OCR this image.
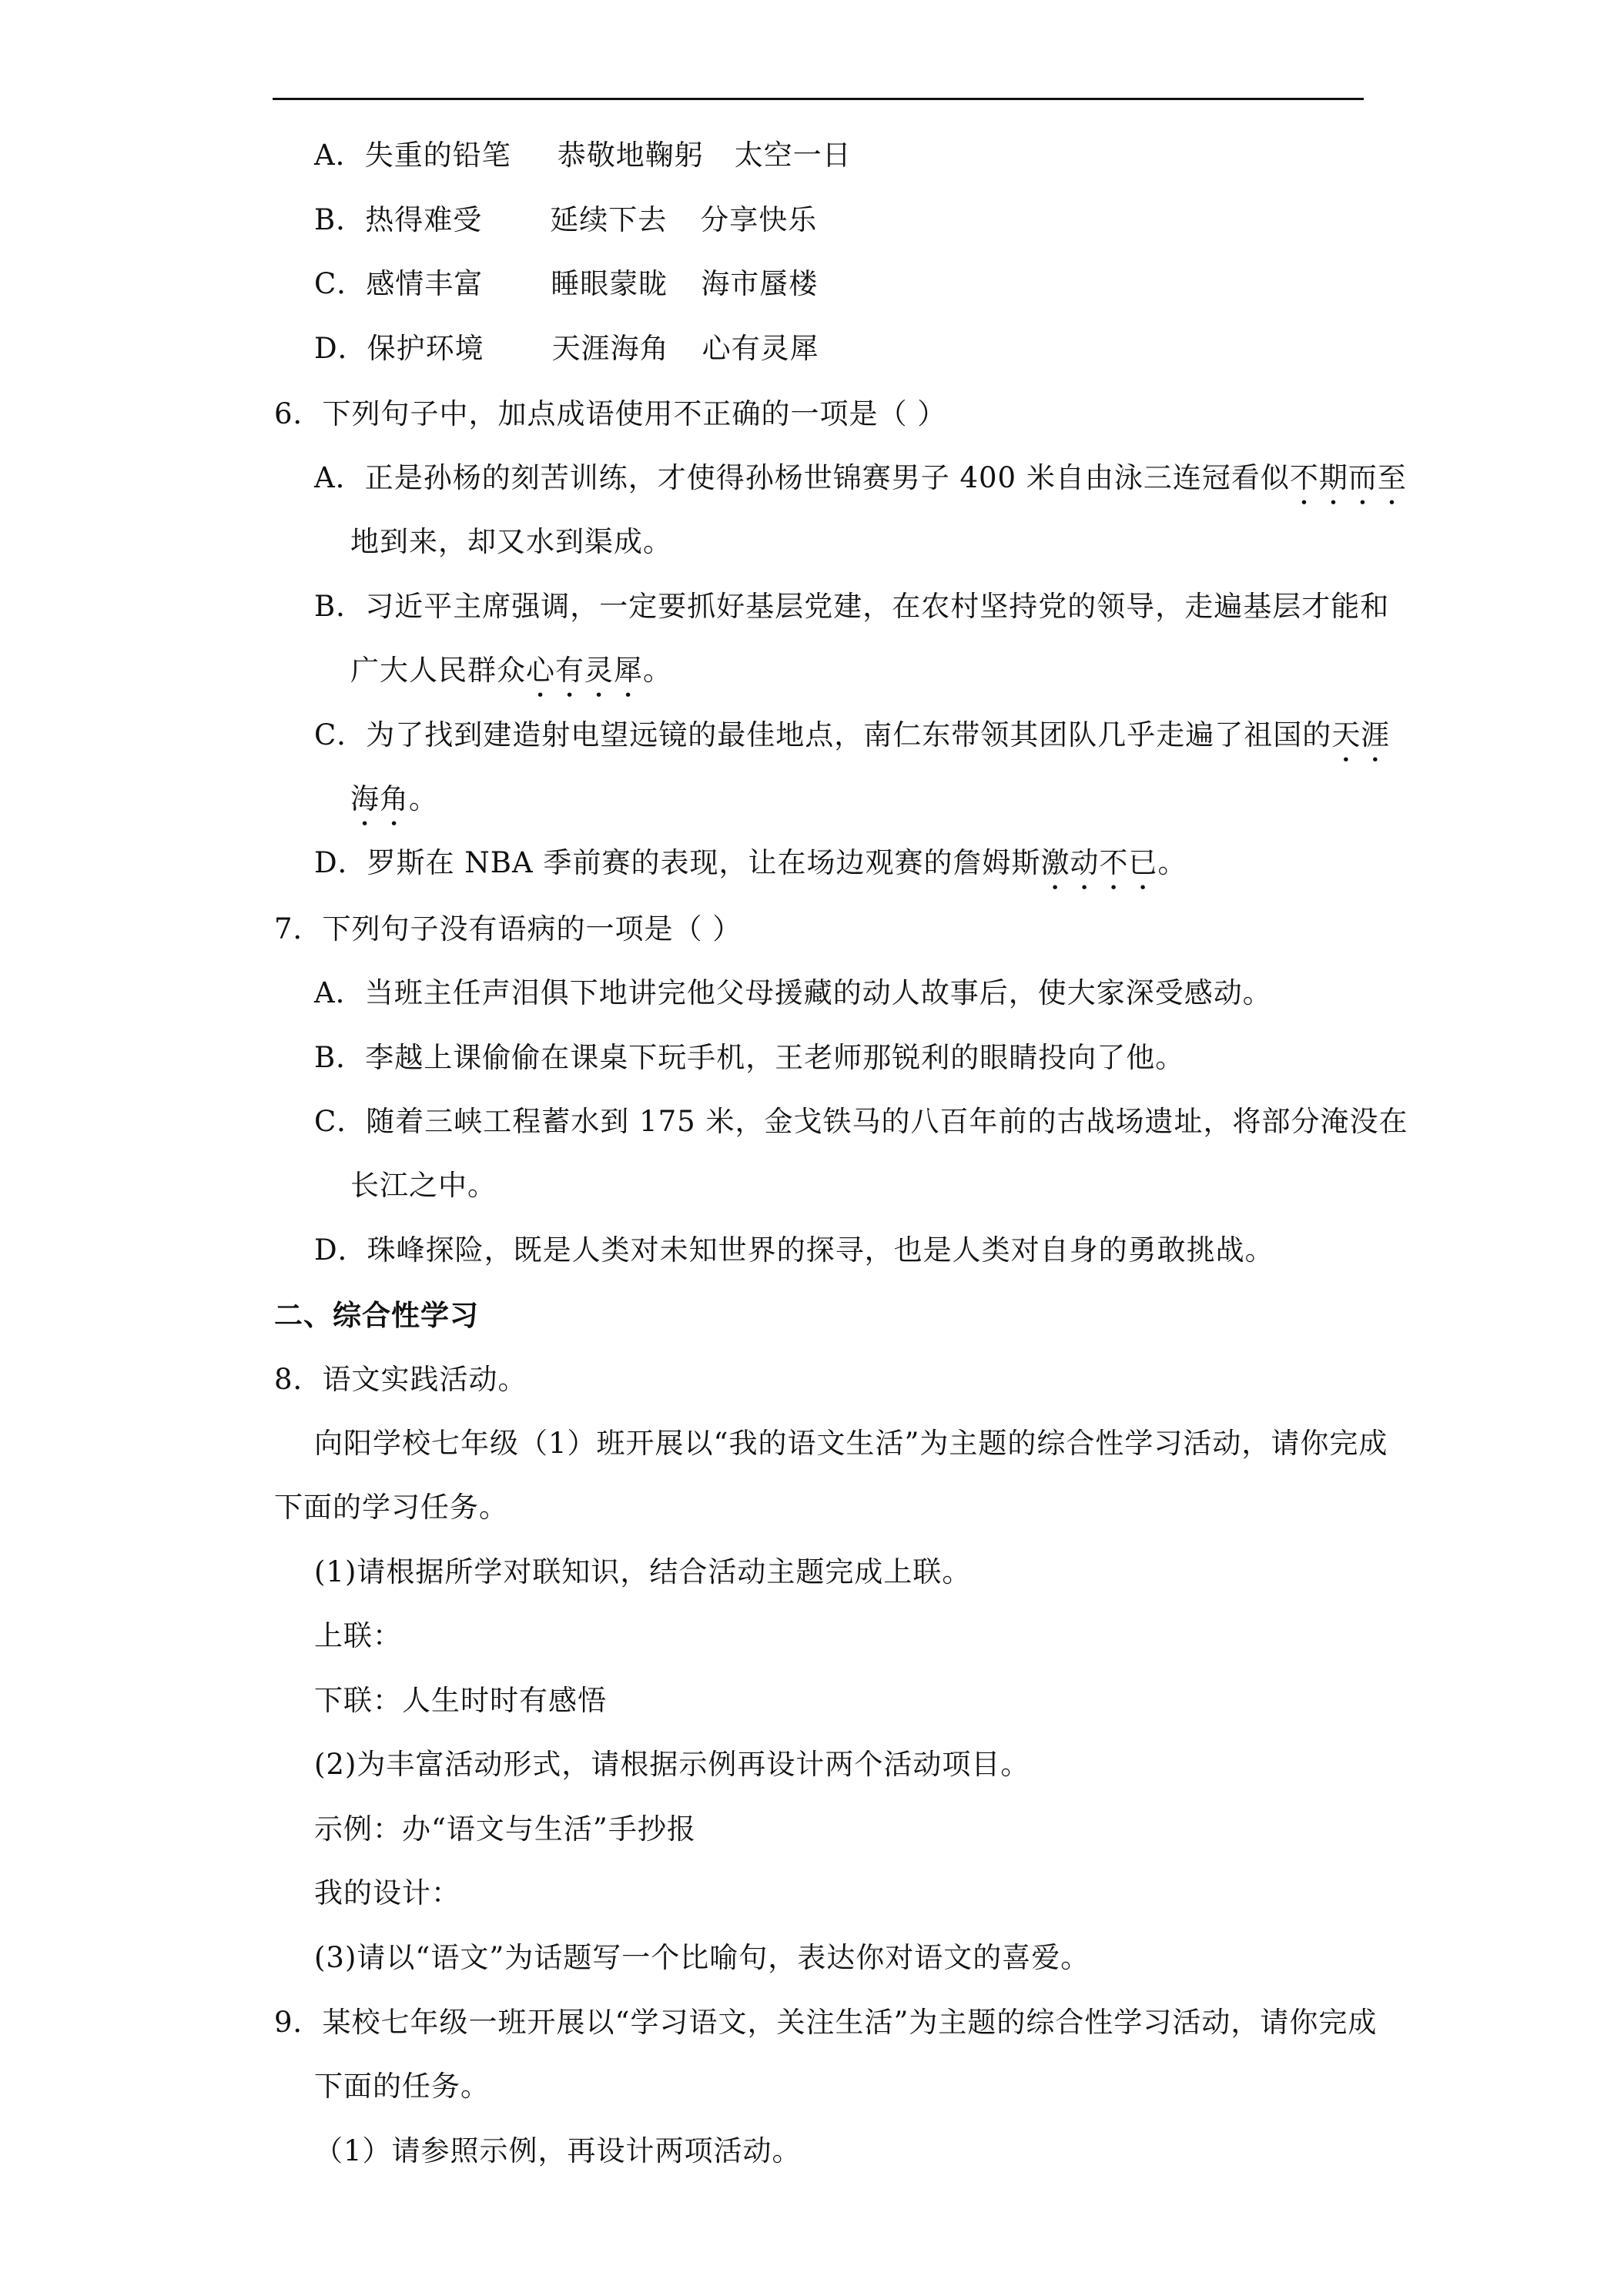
A．失重的铅笔 恭敬地鞠躬 太空一日
B．热得难受 延续下去 分享快乐
C．感情丰富 睡眼蒙眬 海市蜃楼
D．保护环境 天涯海角 心有灵犀
6．下列句子中，加点成语使用不正确的一项是（ ）
A．正是孙杨的刻苦训练，才使得孙杨世锦赛男子 400 米自由泳三连冠看似不期而至
地到来，却又水到渠成。
B．习近平主席强调，一定要抓好基层党建，在农村坚持党的领导，走遍基层才能和
广大人民群众心有灵犀。
C．为了找到建造射电望远镜的最佳地点，南仁东带领其团队几乎走遍了祖国的天涯
海角。
D．罗斯在 NBA 季前赛的表现，让在场边观赛的詹姆斯激动不已。
7．下列句子没有语病的一项是（ ）
A．当班主任声泪俱下地讲完他父母援藏的动人故事后，使大家深受感动。
B．李越上课偷偷在课桌下玩手机，王老师那锐利的眼睛投向了他。
C．随着三峡工程蓄水到 175 米，金戈铁马的八百年前的古战场遗址，将部分淹没在
长江之中。
D．珠峰探险，既是人类对未知世界的探寻，也是人类对自身的勇敢挑战。
二、综合性学习
8．语文实践活动。
向阳学校七年级（1）班开展以“我的语文生活”为主题的综合性学习活动，请你完成
下面的学习任务。
(1)请根据所学对联知识，结合活动主题完成上联。
上联：
下联：人生时时有感悟
(2)为丰富活动形式，请根据示例再设计两个活动项目。
示例：办“语文与生活”手抄报
我的设计：
(3)请以“语文”为话题写一个比喻句，表达你对语文的喜爱。
9．某校七年级一班开展以“学习语文，关注生活”为主题的综合性学习活动，请你完成
下面的任务。
（1）请参照示例，再设计两项活动。
